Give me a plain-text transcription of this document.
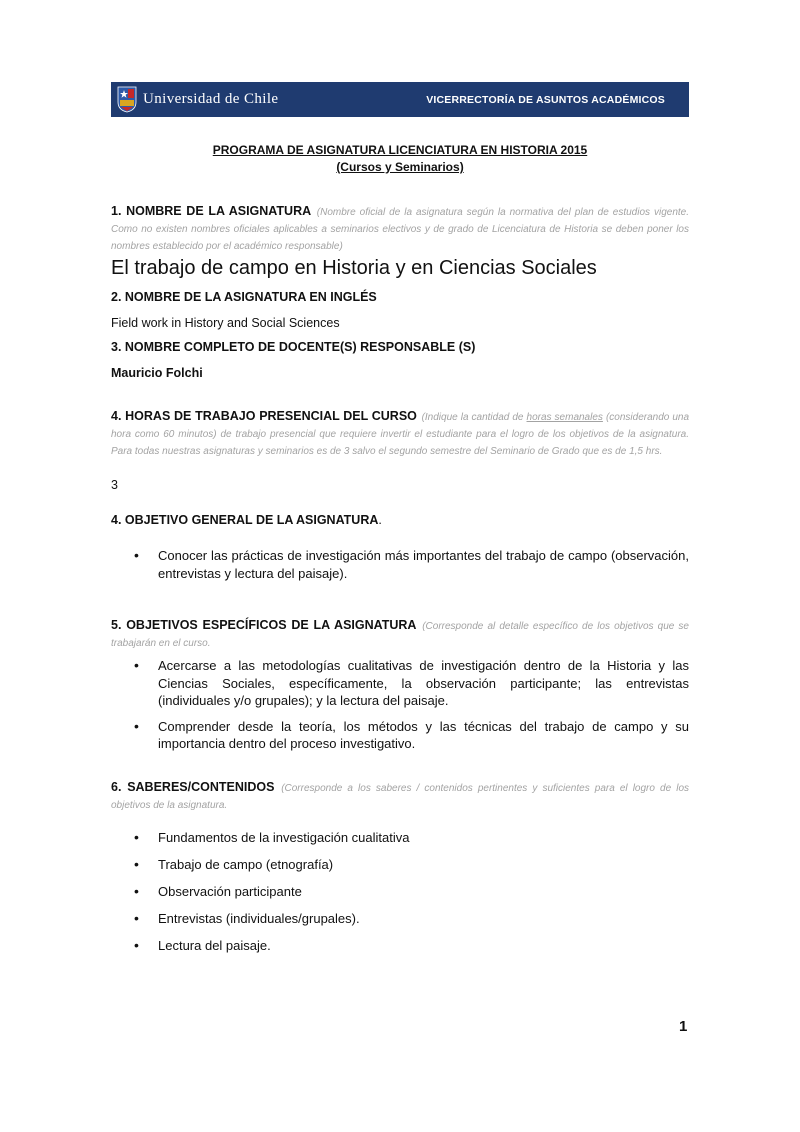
Universidad de Chile	VICERRECTORÍA DE ASUNTOS ACADÉMICOS
PROGRAMA DE ASIGNATURA LICENCIATURA EN HISTORIA 2015
(Cursos y Seminarios)
1. NOMBRE DE LA ASIGNATURA (Nombre oficial de la asignatura según la normativa del plan de estudios vigente. Como no existen nombres oficiales aplicables a seminarios electivos y de grado de Licenciatura de Historia se deben poner los nombres establecido por el académico responsable)
El trabajo de campo en Historia y en Ciencias Sociales
2. NOMBRE DE LA ASIGNATURA EN INGLÉS
Field work in History and Social Sciences
3. NOMBRE COMPLETO DE DOCENTE(S) RESPONSABLE (S)
Mauricio Folchi
4. HORAS DE TRABAJO PRESENCIAL DEL CURSO (Indique la cantidad de horas semanales (considerando una hora como 60 minutos) de trabajo presencial que requiere invertir el estudiante para el logro de los objetivos de la asignatura. Para todas nuestras asignaturas y seminarios es de 3 salvo el segundo semestre del Seminario de Grado que es de 1,5 hrs.
3
4. OBJETIVO GENERAL DE LA ASIGNATURA.
• Conocer las prácticas de investigación más importantes del trabajo de campo (observación, entrevistas y lectura del paisaje).
5. OBJETIVOS ESPECÍFICOS DE LA ASIGNATURA (Corresponde al detalle específico de los objetivos que se trabajarán en el curso.
• Acercarse a las metodologías cualitativas de investigación dentro de la Historia y las Ciencias Sociales, específicamente, la observación participante; las entrevistas (individuales y/o grupales); y la lectura del paisaje.
• Comprender desde la teoría, los métodos y las técnicas del trabajo de campo y su importancia dentro del proceso investigativo.
6. SABERES/CONTENIDOS (Corresponde a los saberes / contenidos pertinentes y suficientes para el logro de los objetivos de la asignatura.
• Fundamentos de la investigación cualitativa
• Trabajo de campo (etnografía)
• Observación participante
• Entrevistas (individuales/grupales).
• Lectura del paisaje.
1
